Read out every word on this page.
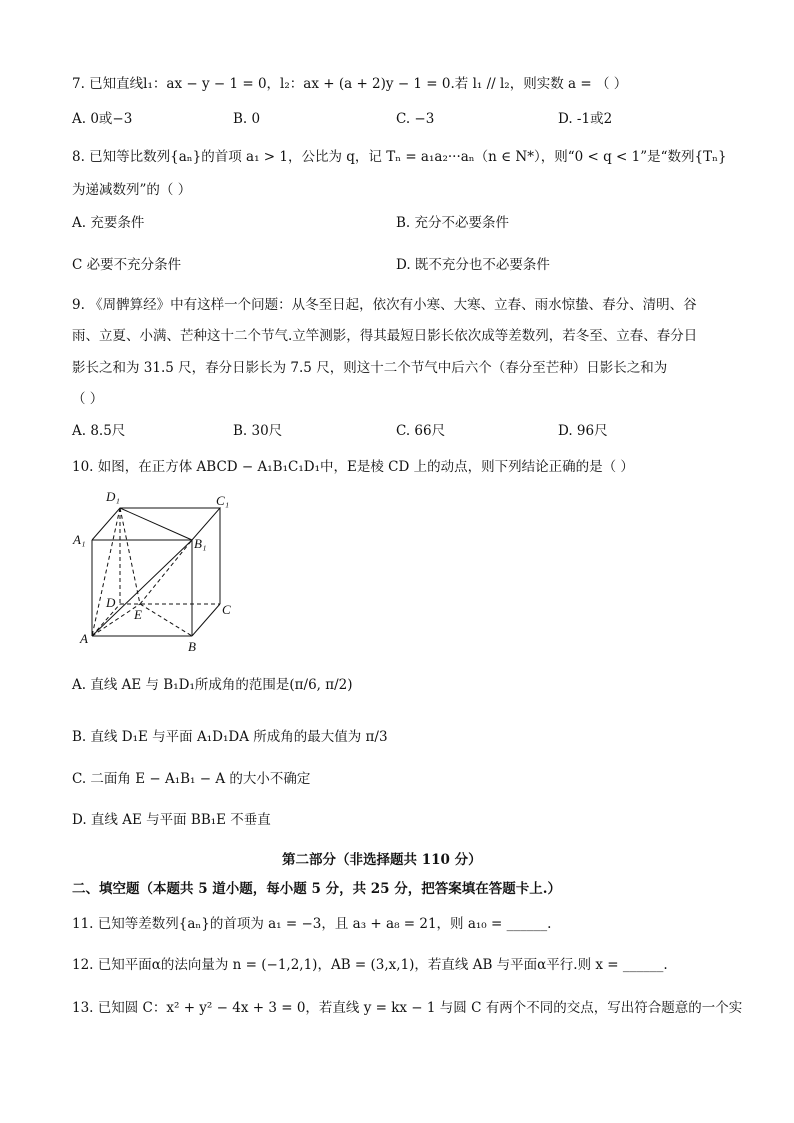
7. 已知直线l₁：ax − y − 1 = 0，l₂：ax + (a + 2)y − 1 = 0.若 l₁ // l₂，则实数 a = （ ）
A. 0或−3	B. 0	C. −3	D. -1或2
8. 已知等比数列{aₙ}的首项 a₁ > 1，公比为 q，记 Tₙ = a₁a₂···aₙ（n ∈ N*），则“0 < q < 1”是“数列{Tₙ}
为递减数列”的（ ）
A. 充要条件	B. 充分不必要条件
C 必要不充分条件	D. 既不充分也不必要条件
9. 《周髀算经》中有这样一个问题：从冬至日起，依次有小寒、大寒、立春、雨水惊蛰、春分、清明、谷
雨、立夏、小满、芒种这十二个节气.立竿测影，得其最短日影长依次成等差数列，若冬至、立春、春分日
影长之和为 31.5 尺，春分日影长为 7.5 尺，则这十二个节气中后六个（春分至芒种）日影长之和为
（ ）
A. 8.5尺	B. 30尺	C. 66尺	D. 96尺
10. 如图，在正方体 ABCD − A₁B₁C₁D₁中，E是棱 CD 上的动点，则下列结论正确的是（ ）
D₁	C₁
A₁	B₁
D
E	C
A
B
A. 直线 AE 与 B₁D₁所成角的范围是(π/6, π/2)
B. 直线 D₁E 与平面 A₁D₁DA 所成角的最大值为 π/3
C. 二面角 E − A₁B₁ − A 的大小不确定
D. 直线 AE 与平面 BB₁E 不垂直
第二部分（非选择题共 110 分）
二、填空题（本题共 5 道小题，每小题 5 分，共 25 分，把答案填在答题卡上.）
11. 已知等差数列{aₙ}的首项为 a₁ = −3，且 a₃ + a₈ = 21，则 a₁₀ = ______.
12. 已知平面α的法向量为 n = (−1,2,1)，AB = (3,x,1)，若直线 AB 与平面α平行.则 x = ______.
13. 已知圆 C：x² + y² − 4x + 3 = 0，若直线 y = kx − 1 与圆 C 有两个不同的交点，写出符合题意的一个实
